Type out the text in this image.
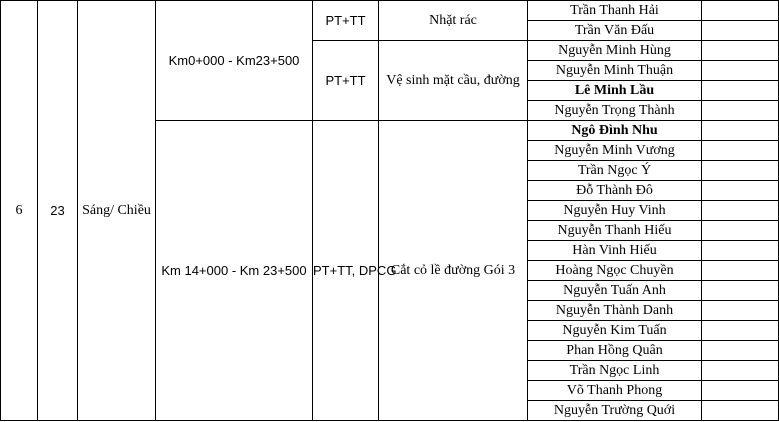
6	23	Sáng/ Chiều	Km0+000 - Km23+500	PT+TT	Nhặt rác	Trần Thanh Hải	
						Trần Văn Đấu	
				PT+TT	Vệ sinh mặt cầu, đường	Nguyễn Minh Hùng	
						Nguyễn Minh Thuận	
						Lê Minh Lầu	
						Nguyễn Trọng Thành	
			Km 14+000 - Km 23+500	PT+TT, DPCG	Cắt cỏ lề đường Gói 3	Ngô Đình Nhu	
						Nguyễn Minh Vương	
						Trần Ngọc Ý	
						Đỗ Thành Đô	
						Nguyễn Huy Vinh	
						Nguyễn Thanh Hiếu	
						Hàn Vinh Hiếu	
						Hoàng Ngọc Chuyền	
						Nguyễn Tuấn Anh	
						Nguyễn Thành Danh	
						Nguyễn Kim Tuấn	
						Phan Hồng Quân	
						Trần Ngọc Linh	
						Võ Thanh Phong	
						Nguyễn Trường Quới	
